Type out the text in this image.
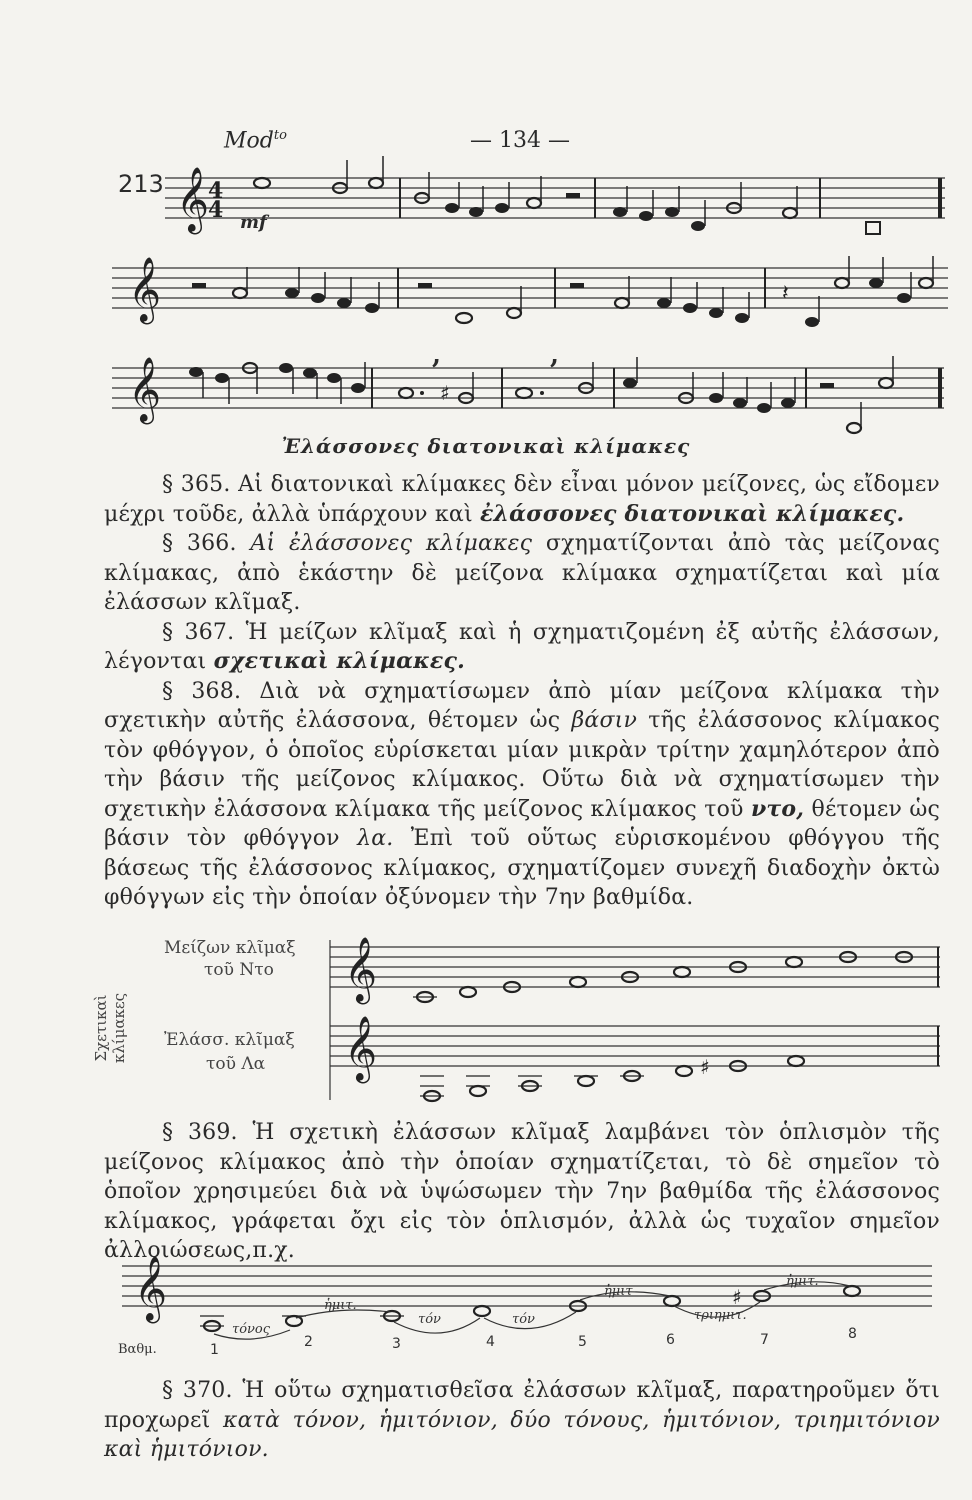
Mod$^{to}$	— 134 —
213
mf
,	,
𝄞
4
4
𝄞	𝄽
𝄞	♯
Ἐλάσσονες διατονικαὶ κλίμακες

§ 365. Αἱ διατονικαὶ κλίμακες δὲν εἶναι μόνον μείζονες, ὡς εἴδομεν μέχρι τοῦδε, ἀλλὰ ὑπάρχουν καὶ ἐλάσσονες διατονικαὶ κλίμακες.

§ 366. Αἱ ἐλάσσονες κλίμακες σχηματίζονται ἀπὸ τὰς μείζονας κλίμακας, ἀπὸ ἑκάστην δὲ μείζονα κλίμακα σχηματίζεται καὶ μία ἐλάσσων κλῖμαξ.

§ 367. Ἡ μείζων κλῖμαξ καὶ ἡ σχηματιζομένη ἐξ αὐτῆς ἐλάσσων, λέγονται σχετικαὶ κλίμακες.

§ 368. Διὰ νὰ σχηματίσωμεν ἀπὸ μίαν μείζονα κλίμακα τὴν σχετικὴν αὐτῆς ἐλάσσονα, θέτομεν ὡς βάσιν τῆς ἐλάσσονος κλίμακος τὸν φθόγγον, ὁ ὁποῖος εὑρίσκεται μίαν μικρὰν τρίτην χαμηλότερον ἀπὸ τὴν βάσιν τῆς μείζονος κλίμακος. Οὕτω διὰ νὰ σχηματίσωμεν τὴν σχετικὴν ἐλάσσονα κλίμακα τῆς μείζονος κλίμακος τοῦ ντο, θέτομεν ὡς βάσιν τὸν φθόγγον λα. Ἐπὶ τοῦ οὕτως εὑρισκομένου φθόγγου τῆς βάσεως τῆς ἐλάσσονος κλίμακος, σχηματίζομεν συνεχῆ διαδοχὴν ὀκτὼ φθόγγων εἰς τὴν ὁποίαν ὀξύνομεν τὴν 7ην βαθμίδα.

Σχετικαὶ κλίμακες
Μείζων κλῖμαξ
τοῦ Ντο
Ἐλάσσ. κλῖμαξ
τοῦ Λα
𝄞
𝄞	♯

§ 369. Ἡ σχετικὴ ἐλάσσων κλῖμαξ λαμβάνει τὸν ὁπλισμὸν τῆς μείζονος κλίμακος ἀπὸ τὴν ὁποίαν σχηματίζεται, τὸ δὲ σημεῖον τὸ ὁποῖον χρησιμεύει διὰ νὰ ὑψώσωμεν τὴν 7ην βαθμίδα τῆς ἐλάσσονος κλίμακος, γράφεται ὄχι εἰς τὸν ὁπλισμόν, ἀλλὰ ὡς τυχαῖον σημεῖον ἀλλοιώσεως,π.χ.

𝄞	♯
τόνος
ἡμιτ.
τόν	τόν
ἡμιτ
τριημιτ.
ἡμιτ.
Βαθμ.	1	2	3	4	5	6	7	8

§ 370. Ἡ οὕτω σχηματισθεῖσα ἐλάσσων κλῖμαξ, παρατηροῦμεν ὅτι προχωρεῖ κατὰ τόνον, ἡμιτόνιον, δύο τόνους, ἡμιτόνιον, τριημιτόνιον καὶ ἡμιτόνιον.
